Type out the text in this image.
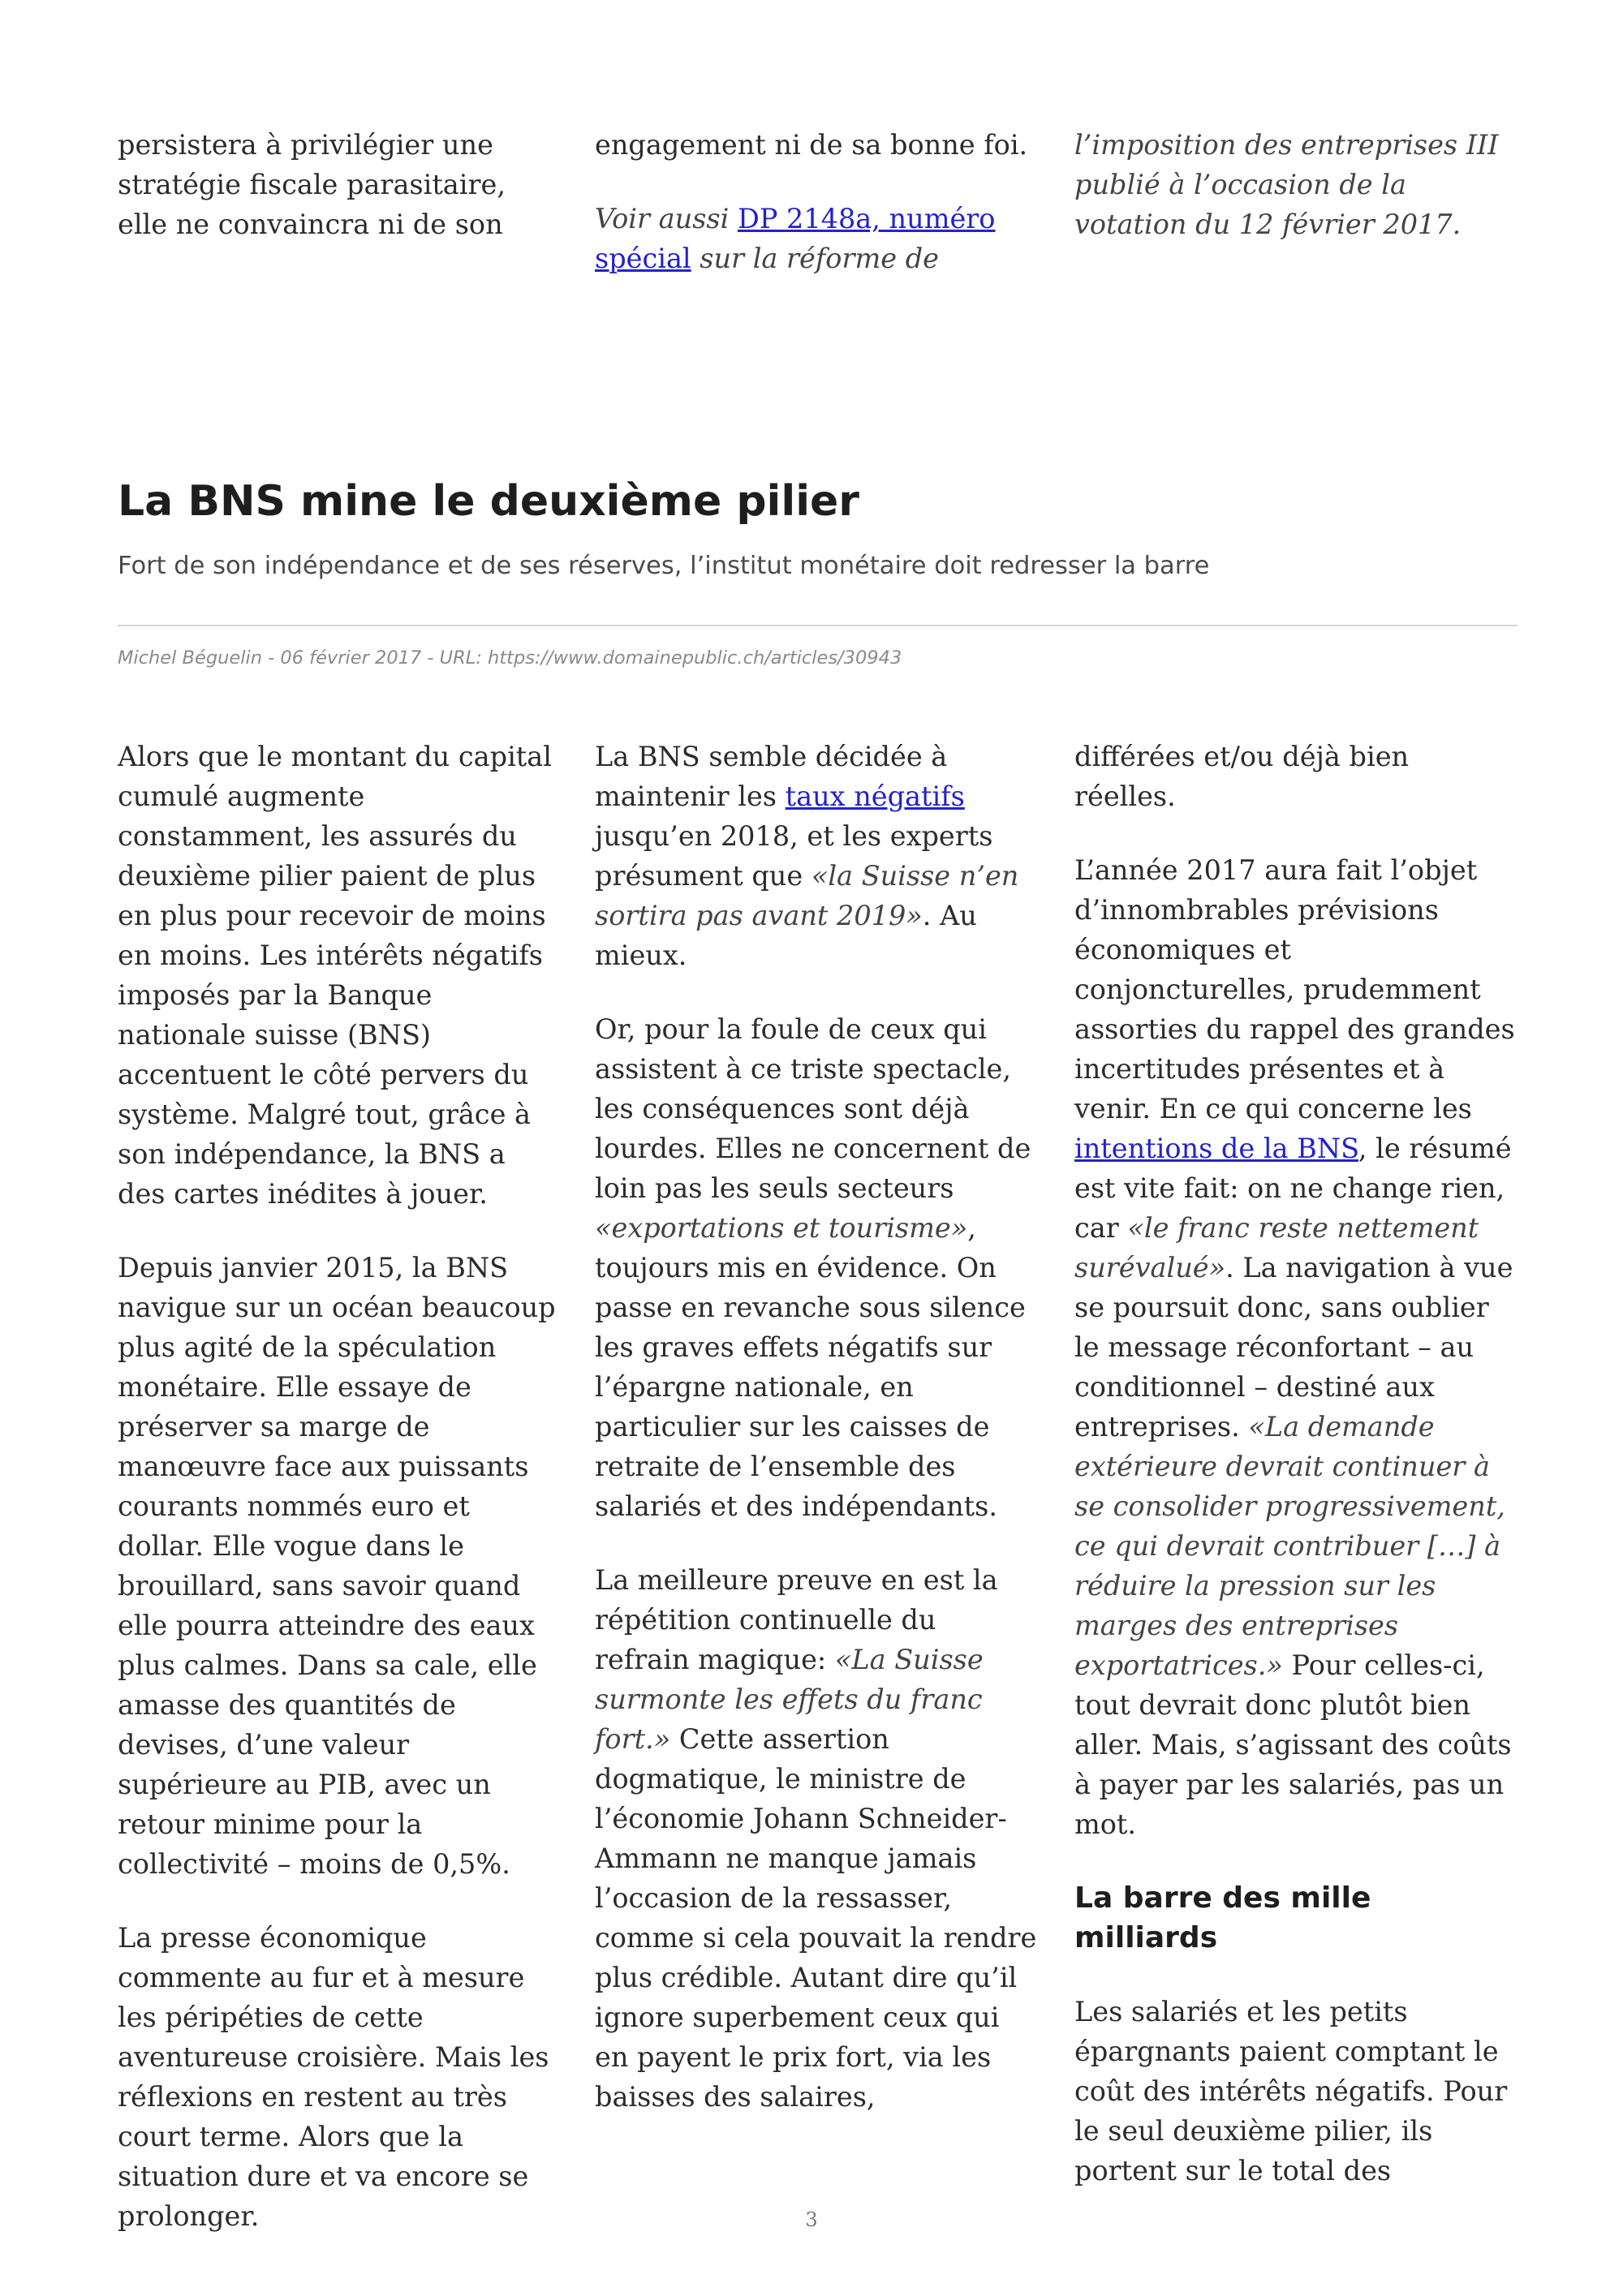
persistera à privilégier une stratégie fiscale parasitaire, elle ne convaincra ni de son

engagement ni de sa bonne foi.

Voir aussi DP 2148a, numéro spécial sur la réforme de

l’imposition des entreprises III publié à l’occasion de la votation du 12 février 2017.

La BNS mine le deuxième pilier

Fort de son indépendance et de ses réserves, l’institut monétaire doit redresser la barre

Michel Béguelin - 06 février 2017 - URL: https://www.domainepublic.ch/articles/30943

Alors que le montant du capital cumulé augmente constamment, les assurés du deuxième pilier paient de plus en plus pour recevoir de moins en moins. Les intérêts négatifs imposés par la Banque nationale suisse (BNS) accentuent le côté pervers du système. Malgré tout, grâce à son indépendance, la BNS a des cartes inédites à jouer.

Depuis janvier 2015, la BNS navigue sur un océan beaucoup plus agité de la spéculation monétaire. Elle essaye de préserver sa marge de manœuvre face aux puissants courants nommés euro et dollar. Elle vogue dans le brouillard, sans savoir quand elle pourra atteindre des eaux plus calmes. Dans sa cale, elle amasse des quantités de devises, d’une valeur supérieure au PIB, avec un retour minime pour la collectivité – moins de 0,5%.

La presse économique commente au fur et à mesure les péripéties de cette aventureuse croisière. Mais les réflexions en restent au très court terme. Alors que la situation dure et va encore se prolonger.

La BNS semble décidée à maintenir les taux négatifs jusqu’en 2018, et les experts présument que «la Suisse n’en sortira pas avant 2019». Au mieux.

Or, pour la foule de ceux qui assistent à ce triste spectacle, les conséquences sont déjà lourdes. Elles ne concernent de loin pas les seuls secteurs «exportations et tourisme», toujours mis en évidence. On passe en revanche sous silence les graves effets négatifs sur l’épargne nationale, en particulier sur les caisses de retraite de l’ensemble des salariés et des indépendants.

La meilleure preuve en est la répétition continuelle du refrain magique: «La Suisse surmonte les effets du franc fort.» Cette assertion dogmatique, le ministre de l’économie Johann Schneider-Ammann ne manque jamais l’occasion de la ressasser, comme si cela pouvait la rendre plus crédible. Autant dire qu’il ignore superbement ceux qui en payent le prix fort, via les baisses des salaires,

différées et/ou déjà bien réelles.

L’année 2017 aura fait l’objet d’innombrables prévisions économiques et conjoncturelles, prudemment assorties du rappel des grandes incertitudes présentes et à venir. En ce qui concerne les intentions de la BNS, le résumé est vite fait: on ne change rien, car «le franc reste nettement surévalué». La navigation à vue se poursuit donc, sans oublier le message réconfortant – au conditionnel – destiné aux entreprises. «La demande extérieure devrait continuer à se consolider progressivement, ce qui devrait contribuer […] à réduire la pression sur les marges des entreprises exportatrices.» Pour celles-ci, tout devrait donc plutôt bien aller. Mais, s’agissant des coûts à payer par les salariés, pas un mot.

La barre des mille milliards

Les salariés et les petits épargnants paient comptant le coût des intérêts négatifs. Pour le seul deuxième pilier, ils portent sur le total des

3
